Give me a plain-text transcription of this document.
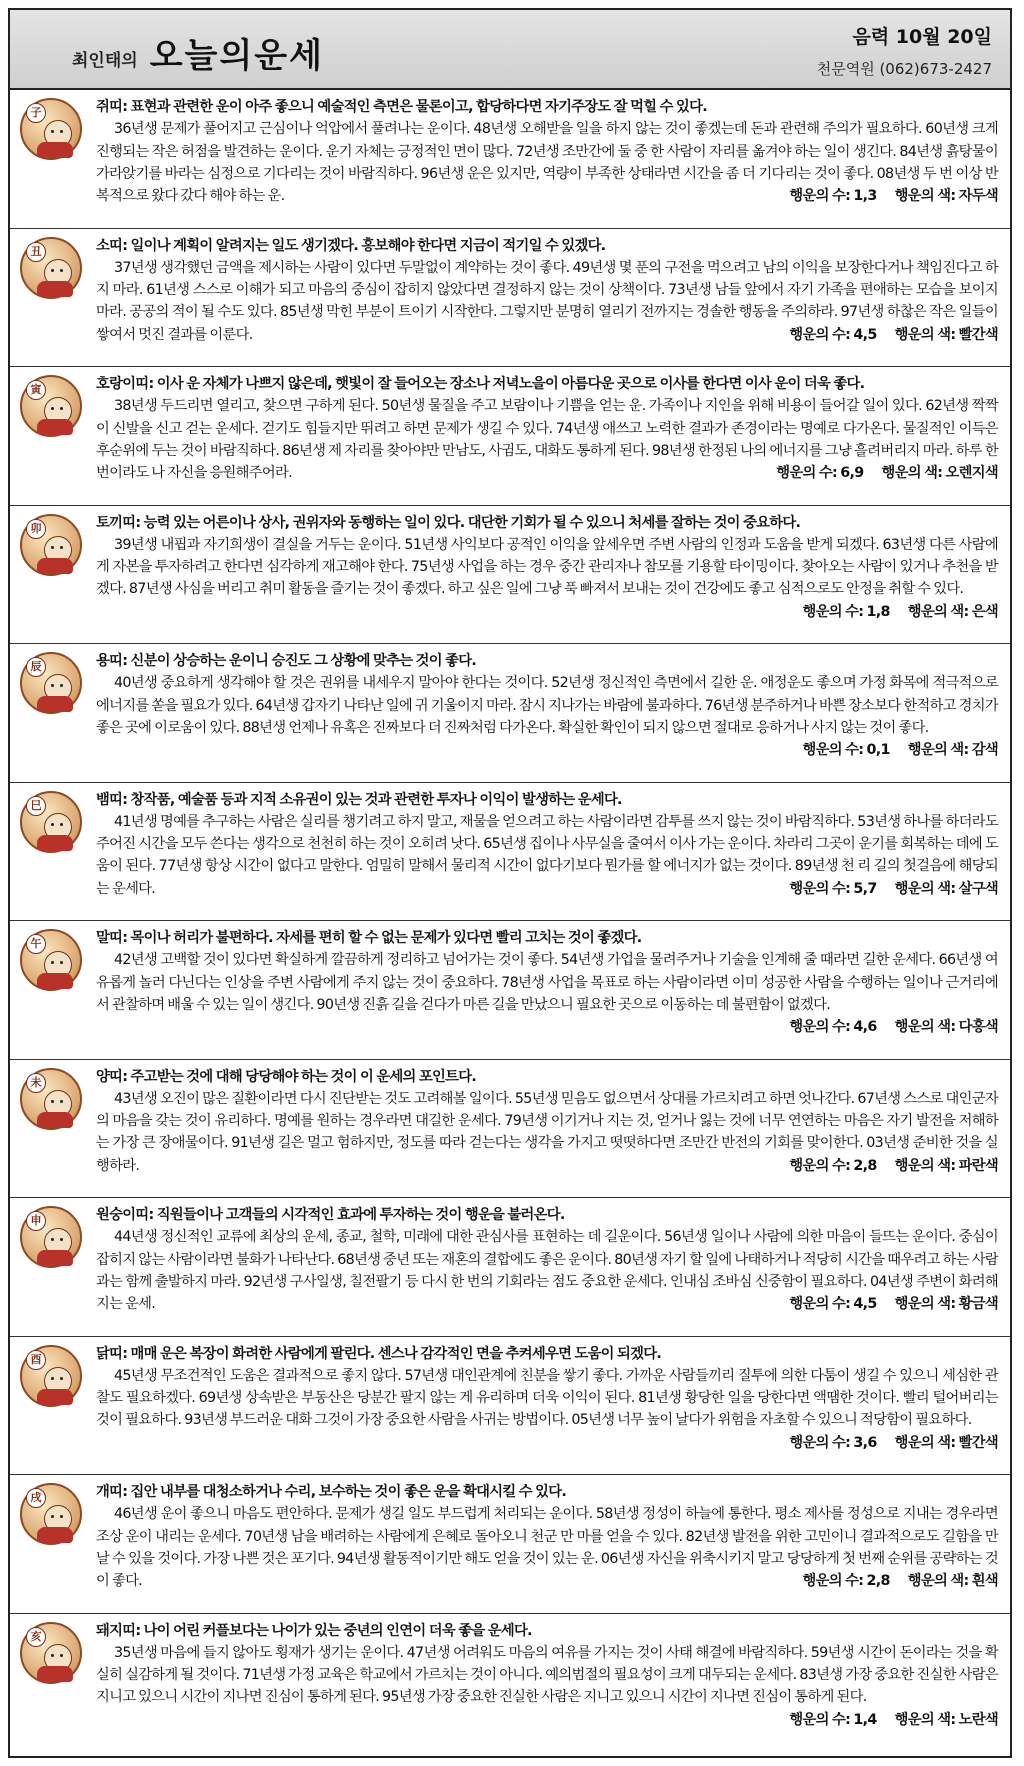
최인태의 오늘의운세	음력 10월 20일
천문역원 (062)673-2427
子	쥐띠: 표현과 관련한 운이 아주 좋으니 예술적인 측면은 물론이고, 합당하다면 자기주장도 잘 먹힐 수 있다.

36년생 문제가 풀어지고 근심이나 억압에서 풀려나는 운이다. 48년생 오해받을 일을 하지 않는 것이 좋겠는데 돈과 관련해 주의가 필요하다. 60년생 크게 진행되는 작은 허점을 발견하는 운이다. 운기 자체는 긍정적인 면이 많다. 72년생 조만간에 둘 중 한 사람이 자리를 옮겨야 하는 일이 생긴다. 84년생 흙탕물이 가라앉기를 바라는 심정으로 기다리는 것이 바람직하다. 96년생 운은 있지만, 역량이 부족한 상태라면 시간을 좀 더 기다리는 것이 좋다. 08년생 두 번 이상 반복적으로 왔다 갔다 해야 하는 운.	행운의 수: 1,3 행운의 색: 자두색

丑	소띠: 일이나 계획이 알려지는 일도 생기겠다. 홍보해야 한다면 지금이 적기일 수 있겠다.

37년생 생각했던 금액을 제시하는 사람이 있다면 두말없이 계약하는 것이 좋다. 49년생 몇 푼의 구전을 먹으려고 남의 이익을 보장한다거나 책임진다고 하지 마라. 61년생 스스로 이해가 되고 마음의 중심이 잡히지 않았다면 결정하지 않는 것이 상책이다. 73년생 남들 앞에서 자기 가족을 편애하는 모습을 보이지 마라. 공공의 적이 될 수도 있다. 85년생 막힌 부분이 트이기 시작한다. 그렇지만 분명히 열리기 전까지는 경솔한 행동을 주의하라. 97년생 하찮은 작은 일들이 쌓여서 멋진 결과를 이룬다.	행운의 수: 4,5 행운의 색: 빨간색

寅	호랑이띠: 이사 운 자체가 나쁘지 않은데, 햇빛이 잘 들어오는 장소나 저녁노을이 아름다운 곳으로 이사를 한다면 이사 운이 더욱 좋다.

38년생 두드리면 열리고, 찾으면 구하게 된다. 50년생 물질을 주고 보람이나 기쁨을 얻는 운. 가족이나 지인을 위해 비용이 들어갈 일이 있다. 62년생 짝짝이 신발을 신고 걷는 운세다. 걷기도 힘들지만 뛰려고 하면 문제가 생길 수 있다. 74년생 애쓰고 노력한 결과가 존경이라는 명예로 다가온다. 물질적인 이득은 후순위에 두는 것이 바람직하다. 86년생 제 자리를 찾아야만 만남도, 사귐도, 대화도 통하게 된다. 98년생 한정된 나의 에너지를 그냥 흘려버리지 마라. 하루 한 번이라도 나 자신을 응원해주어라.	행운의 수: 6,9 행운의 색: 오렌지색

卯	토끼띠: 능력 있는 어른이나 상사, 권위자와 동행하는 일이 있다. 대단한 기회가 될 수 있으니 처세를 잘하는 것이 중요하다.

39년생 내핍과 자기희생이 결실을 거두는 운이다. 51년생 사익보다 공적인 이익을 앞세우면 주변 사람의 인정과 도움을 받게 되겠다. 63년생 다른 사람에게 자본을 투자하려고 한다면 심각하게 재고해야 한다. 75년생 사업을 하는 경우 중간 관리자나 참모를 기용할 타이밍이다. 찾아오는 사람이 있거나 추천을 받겠다. 87년생 사심을 버리고 취미 활동을 즐기는 것이 좋겠다. 하고 싶은 일에 그냥 푹 빠져서 보내는 것이 건강에도 좋고 심적으로도 안정을 취할 수 있다.
행운의 수: 1,8 행운의 색: 은색

辰	용띠: 신분이 상승하는 운이니 승진도 그 상황에 맞추는 것이 좋다.

40년생 중요하게 생각해야 할 것은 권위를 내세우지 말아야 한다는 것이다. 52년생 정신적인 측면에서 길한 운. 애정운도 좋으며 가정 화목에 적극적으로 에너지를 쏟을 필요가 있다. 64년생 갑자기 나타난 일에 귀 기울이지 마라. 잠시 지나가는 바람에 불과하다. 76년생 분주하거나 바쁜 장소보다 한적하고 경치가 좋은 곳에 이로움이 있다. 88년생 언제나 유혹은 진짜보다 더 진짜처럼 다가온다. 확실한 확인이 되지 않으면 절대로 응하거나 사지 않는 것이 좋다.
행운의 수: 0,1 행운의 색: 감색

巳	뱀띠: 창작품, 예술품 등과 지적 소유권이 있는 것과 관련한 투자나 이익이 발생하는 운세다.

41년생 명예를 추구하는 사람은 실리를 챙기려고 하지 말고, 재물을 얻으려고 하는 사람이라면 감투를 쓰지 않는 것이 바람직하다. 53년생 하나를 하더라도 주어진 시간을 모두 쓴다는 생각으로 천천히 하는 것이 오히려 낫다. 65년생 집이나 사무실을 줄여서 이사 가는 운이다. 차라리 그곳이 운기를 회복하는 데에 도움이 된다. 77년생 항상 시간이 없다고 말한다. 엄밀히 말해서 물리적 시간이 없다기보다 뭔가를 할 에너지가 없는 것이다. 89년생 천 리 길의 첫걸음에 해당되는 운세다.	행운의 수: 5,7 행운의 색: 살구색

午	말띠: 목이나 허리가 불편하다. 자세를 편히 할 수 없는 문제가 있다면 빨리 고치는 것이 좋겠다.

42년생 고백할 것이 있다면 확실하게 깔끔하게 정리하고 넘어가는 것이 좋다. 54년생 가업을 물려주거나 기술을 인계해 줄 때라면 길한 운세다. 66년생 여유롭게 놀러 다닌다는 인상을 주변 사람에게 주지 않는 것이 중요하다. 78년생 사업을 목표로 하는 사람이라면 이미 성공한 사람을 수행하는 일이나 근거리에서 관찰하며 배울 수 있는 일이 생긴다. 90년생 진흙 길을 걷다가 마른 길을 만났으니 필요한 곳으로 이동하는 데 불편함이 없겠다.
행운의 수: 4,6 행운의 색: 다홍색

未	양띠: 주고받는 것에 대해 당당해야 하는 것이 이 운세의 포인트다.

43년생 오진이 많은 질환이라면 다시 진단받는 것도 고려해볼 일이다. 55년생 믿음도 없으면서 상대를 가르치려고 하면 엇나간다. 67년생 스스로 대인군자의 마음을 갖는 것이 유리하다. 명예를 원하는 경우라면 대길한 운세다. 79년생 이기거나 지는 것, 얻거나 잃는 것에 너무 연연하는 마음은 자기 발전을 저해하는 가장 큰 장애물이다. 91년생 길은 멀고 험하지만, 정도를 따라 걷는다는 생각을 가지고 떳떳하다면 조만간 반전의 기회를 맞이한다. 03년생 준비한 것을 실행하라.	행운의 수: 2,8 행운의 색: 파란색

申	원숭이띠: 직원들이나 고객들의 시각적인 효과에 투자하는 것이 행운을 불러온다.

44년생 정신적인 교류에 최상의 운세, 종교, 철학, 미래에 대한 관심사를 표현하는 데 길운이다. 56년생 일이나 사람에 의한 마음이 들뜨는 운이다. 중심이 잡히지 않는 사람이라면 불화가 나타난다. 68년생 중년 또는 재혼의 결합에도 좋은 운이다. 80년생 자기 할 일에 나태하거나 적당히 시간을 때우려고 하는 사람과는 함께 출발하지 마라. 92년생 구사일생, 칠전팔기 등 다시 한 번의 기회라는 점도 중요한 운세다. 인내심 조바심 신중함이 필요하다. 04년생 주변이 화려해지는 운세.	행운의 수: 4,5 행운의 색: 황금색

酉	닭띠: 매매 운은 복장이 화려한 사람에게 팔린다. 센스나 감각적인 면을 추켜세우면 도움이 되겠다.

45년생 무조건적인 도움은 결과적으로 좋지 않다. 57년생 대인관계에 친분을 쌓기 좋다. 가까운 사람들끼리 질투에 의한 다툼이 생길 수 있으니 세심한 관찰도 필요하겠다. 69년생 상속받은 부동산은 당분간 팔지 않는 게 유리하며 더욱 이익이 된다. 81년생 황당한 일을 당한다면 액땜한 것이다. 빨리 털어버리는 것이 필요하다. 93년생 부드러운 대화 그것이 가장 중요한 사람을 사귀는 방법이다. 05년생 너무 높이 날다가 위험을 자초할 수 있으니 적당함이 필요하다.
행운의 수: 3,6 행운의 색: 빨간색

戌	개띠: 집안 내부를 대청소하거나 수리, 보수하는 것이 좋은 운을 확대시킬 수 있다.

46년생 운이 좋으니 마음도 편안하다. 문제가 생길 일도 부드럽게 처리되는 운이다. 58년생 정성이 하늘에 통한다. 평소 제사를 정성으로 지내는 경우라면 조상 운이 내리는 운세다. 70년생 남을 배려하는 사람에게 은혜로 돌아오니 천군 만 마를 얻을 수 있다. 82년생 발전을 위한 고민이니 결과적으로도 길함을 만날 수 있을 것이다. 가장 나쁜 것은 포기다. 94년생 활동적이기만 해도 얻을 것이 있는 운. 06년생 자신을 위축시키지 말고 당당하게 첫 번째 순위를 공략하는 것이 좋다.	행운의 수: 2,8 행운의 색: 흰색

亥	돼지띠: 나이 어린 커플보다는 나이가 있는 중년의 인연이 더욱 좋을 운세다.

35년생 마음에 들지 않아도 횡재가 생기는 운이다. 47년생 어려워도 마음의 여유를 가지는 것이 사태 해결에 바람직하다. 59년생 시간이 돈이라는 것을 확실히 실감하게 될 것이다. 71년생 가정 교육은 학교에서 가르치는 것이 아니다. 예의범절의 필요성이 크게 대두되는 운세다. 83년생 가장 중요한 진실한 사람은 지니고 있으니 시간이 지나면 진심이 통하게 된다. 95년생 가장 중요한 진실한 사람은 지니고 있으니 시간이 지나면 진심이 통하게 된다.
행운의 수: 1,4 행운의 색: 노란색
